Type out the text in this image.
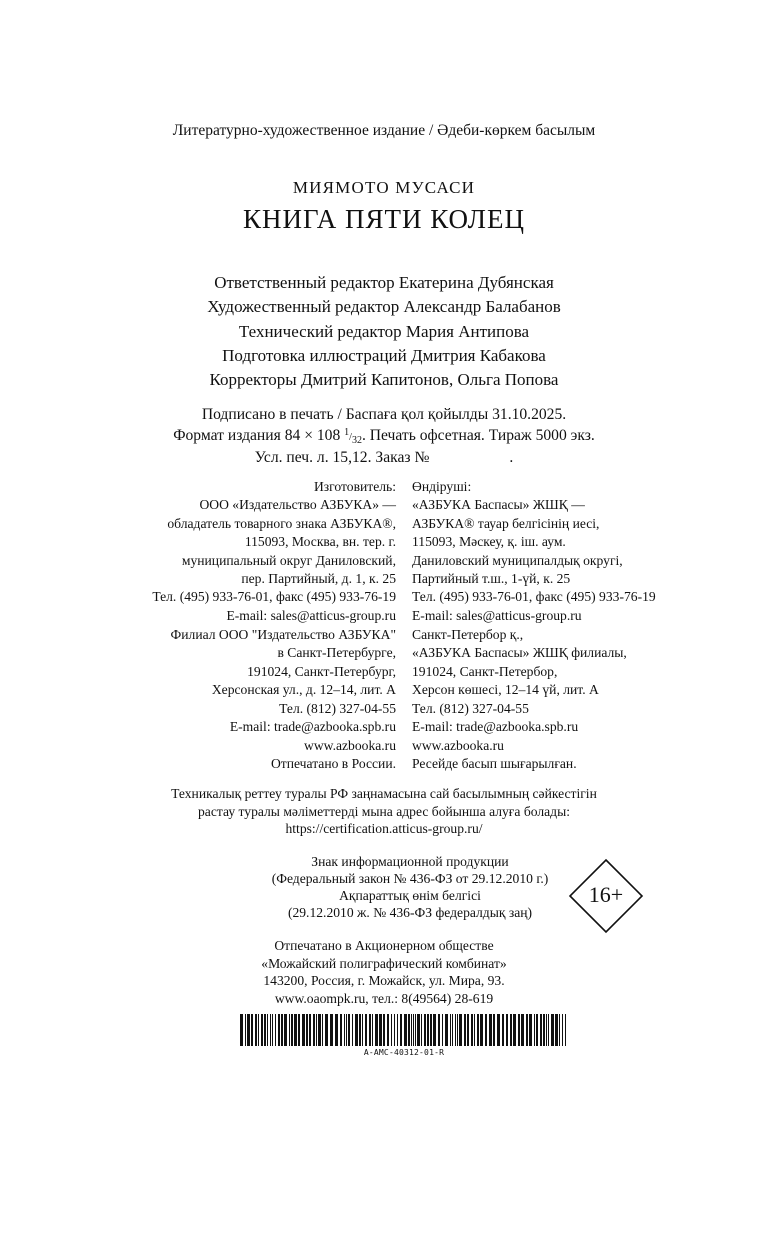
Литературно-художественное издание / Әдеби-көркем басылым
МИЯМОТО МУСАСИ
КНИГА ПЯТИ КОЛЕЦ
Ответственный редактор Екатерина Дубянская
Художественный редактор Александр Балабанов
Технический редактор Мария Антипова
Подготовка иллюстраций Дмитрия Кабакова
Корректоры Дмитрий Капитонов, Ольга Попова
Подписано в печать / Баспаға қол қойылды 31.10.2025.
Формат издания 84 × 108 $^1$/32. Печать офсетная. Тираж 5000 экз.
Усл. печ. л. 15,12. Заказ №	.
Изготовитель:
ООО «Издательство АЗБУКА» —
обладатель товарного знака АЗБУКА®,
115093, Москва, вн. тер. г.
муниципальный округ Даниловский,
пер. Партийный, д. 1, к. 25
Тел. (495) 933-76-01, факс (495) 933-76-19
E-mail: sales@atticus-group.ru
Өндіруші:
«АЗБУКА Баспасы» ЖШҚ —
АЗБУКА® тауар белгісінің иесі,
115093, Мәскеу, қ. іш. аум.
Даниловский муниципалдық округі,
Партийный т.ш., 1-үй, к. 25
Тел. (495) 933-76-01, факс (495) 933-76-19
E-mail: sales@atticus-group.ru
Филиал ООО "Издательство АЗБУКА"
в Санкт-Петербурге,
191024, Санкт-Петербург,
Херсонская ул., д. 12–14, лит. А
Тел. (812) 327-04-55
E-mail: trade@azbooka.spb.ru
Санкт-Петербор қ.,
«АЗБУКА Баспасы» ЖШҚ филиалы,
191024, Санкт-Петербор,
Херсон көшесі, 12–14 үй, лит. А
Тел. (812) 327-04-55
E-mail: trade@azbooka.spb.ru
www.azbooka.ru
Отпечатано в России.
www.azbooka.ru
Ресейде басып шығарылған.
Техникалық реттеу туралы РФ заңнамасына сай басылымның сәйкестігін
растау туралы мәліметтерді мына адрес бойынша алуға болады:
https://certification.atticus-group.ru/
Знак информационной продукции
(Федеральный закон № 436-ФЗ от 29.12.2010 г.)
Ақпараттық өнім белгісі
(29.12.2010 ж. № 436-ФЗ федералдық заң)
16+
Отпечатано в Акционерном обществе
«Можайский полиграфический комбинат»
143200, Россия, г. Можайск, ул. Мира, 93.
www.oaompk.ru, тел.: 8(49564) 28-619
A-AMC-40312-01-R
